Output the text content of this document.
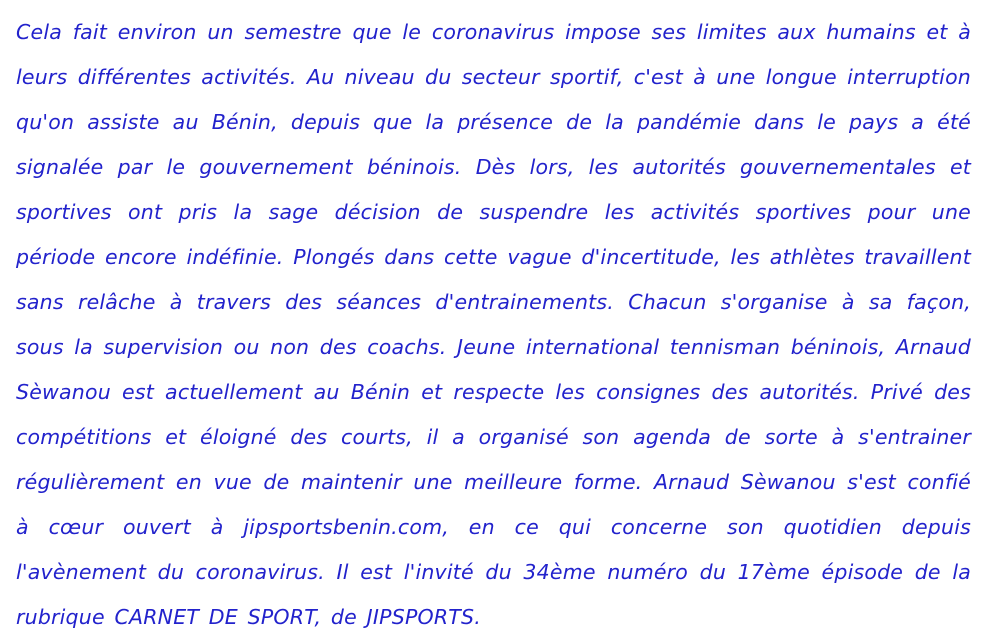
Cela fait environ un semestre que le coronavirus impose ses limites aux humains et à leurs différentes activités. Au niveau du secteur sportif, c'est à une longue interruption qu'on assiste au Bénin, depuis que la présence de la pandémie dans le pays a été signalée par le gouvernement béninois. Dès lors, les autorités gouvernementales et sportives ont pris la sage décision de suspendre les activités sportives pour une période encore indéfinie. Plongés dans cette vague d'incertitude, les athlètes travaillent sans relâche à travers des séances d'entrainements. Chacun s'organise à sa façon, sous la supervision ou non des coachs. Jeune international tennisman béninois, Arnaud Sèwanou est actuellement au Bénin et respecte les consignes des autorités. Privé des compétitions et éloigné des courts, il a organisé son agenda de sorte à s'entrainer régulièrement en vue de maintenir une meilleure forme. Arnaud Sèwanou s'est confié à cœur ouvert à jipsportsbenin.com, en ce qui concerne son quotidien depuis l'avènement du coronavirus. Il est l'invité du 34ème numéro du 17ème épisode de la rubrique CARNET DE SPORT, de JIPSPORTS.
